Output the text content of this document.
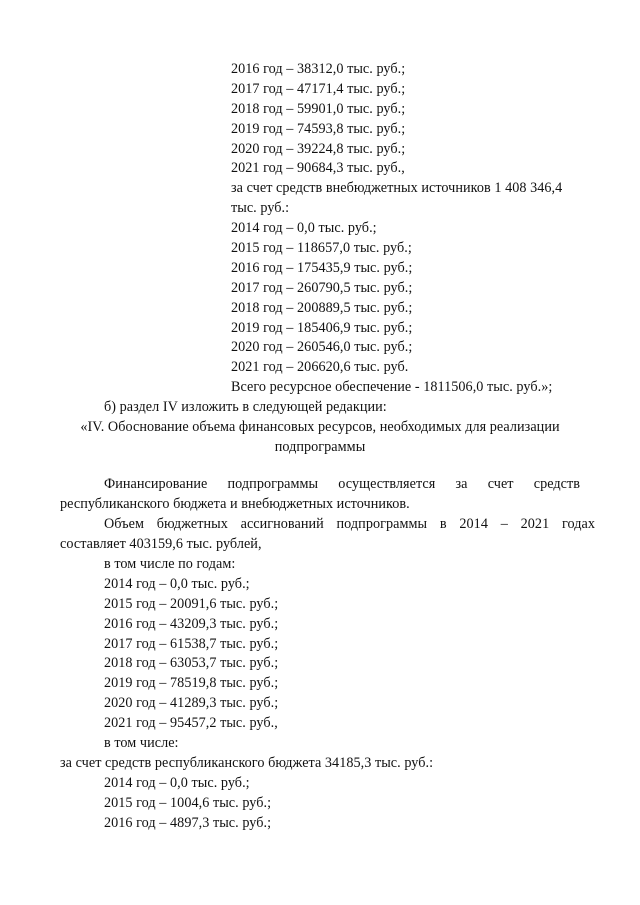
2016 год – 38312,0 тыс. руб.;
2017 год – 47171,4 тыс. руб.;
2018 год – 59901,0 тыс. руб.;
2019 год – 74593,8 тыс. руб.;
2020 год – 39224,8 тыс. руб.;
2021 год – 90684,3 тыс. руб.,
за счет средств внебюджетных источников 1 408 346,4
тыс. руб.:
2014 год – 0,0 тыс. руб.;
2015 год – 118657,0 тыс. руб.;
2016 год – 175435,9 тыс. руб.;
2017 год – 260790,5 тыс. руб.;
2018 год – 200889,5 тыс. руб.;
2019 год – 185406,9 тыс. руб.;
2020 год – 260546,0 тыс. руб.;
2021 год – 206620,6 тыс. руб.
Всего ресурсное обеспечение - 1811506,0 тыс. руб.»;
б) раздел IV изложить в следующей редакции:
«IV. Обоснование объема финансовых ресурсов, необходимых для реализации
подпрограммы
Финансирование подпрограммы осуществляется за счет средств
республиканского бюджета и внебюджетных источников.
Объем бюджетных ассигнований подпрограммы в 2014 – 2021 годах
составляет 403159,6 тыс. рублей,
в том числе по годам:
2014 год – 0,0 тыс. руб.;
2015 год – 20091,6 тыс. руб.;
2016 год – 43209,3 тыс. руб.;
2017 год – 61538,7 тыс. руб.;
2018 год – 63053,7 тыс. руб.;
2019 год – 78519,8 тыс. руб.;
2020 год – 41289,3 тыс. руб.;
2021 год – 95457,2 тыс. руб.,
в том числе:
за счет средств республиканского бюджета 34185,3 тыс. руб.:
2014 год – 0,0 тыс. руб.;
2015 год – 1004,6 тыс. руб.;
2016 год – 4897,3 тыс. руб.;
